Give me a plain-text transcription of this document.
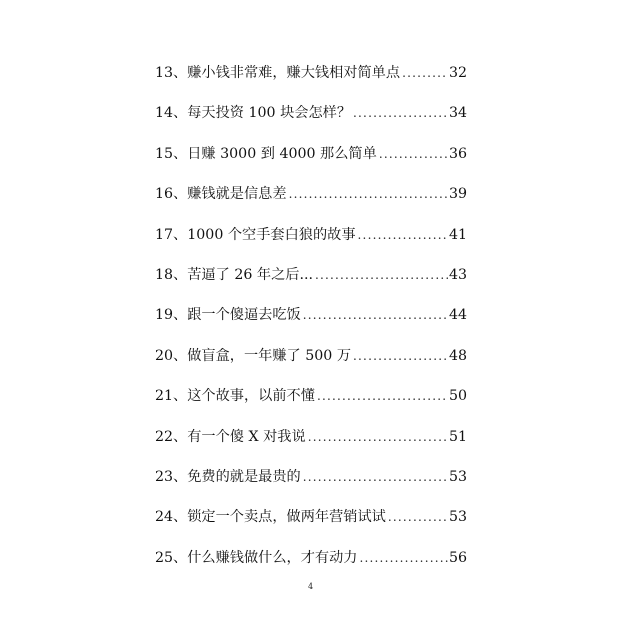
13、赚小钱非常难，赚大钱相对简单点 .....	32
14、每天投资 100 块会怎样？ .....	34
15、日赚 3000 到 4000 那么简单 .....	36
16、赚钱就是信息差 .....	39
17、1000 个空手套白狼的故事 .....	41
18、苦逼了 26 年之后... .....	43
19、跟一个傻逼去吃饭 .....	44
20、做盲盒，一年赚了 500 万 .....	48
21、这个故事，以前不懂 .....	50
22、有一个傻 X 对我说 .....	51
23、免费的就是最贵的 .....	53
24、锁定一个卖点，做两年营销试试 .....	53
25、什么赚钱做什么，才有动力 .....	56
4
